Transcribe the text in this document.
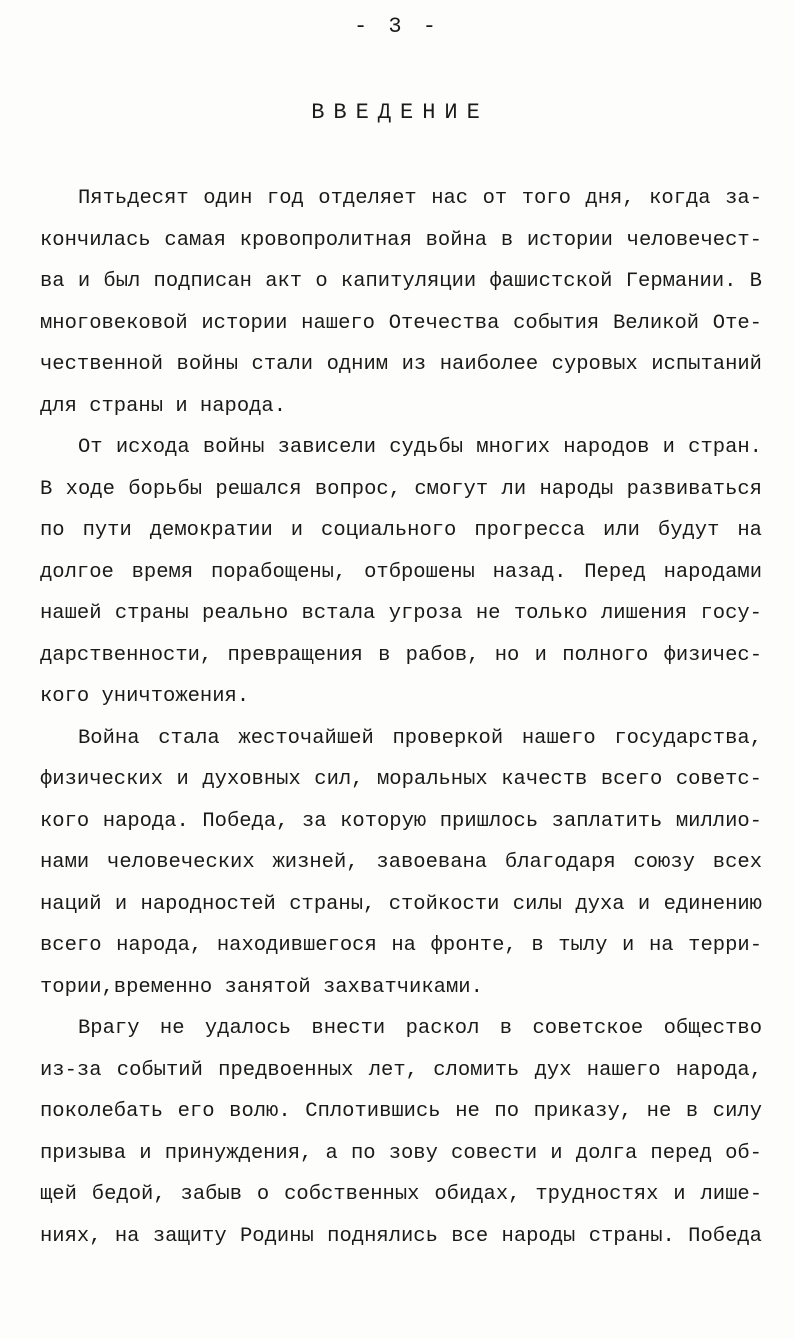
- 3 -
ВВЕДЕНИЕ
Пятьдесят один год отделяет нас от того дня, когда за-
кончилась самая кровопролитная война в истории человечест-
ва и был подписан акт о капитуляции фашистской Германии. В
многовековой истории нашего Отечества события Великой Оте-
чественной войны стали одним из наиболее суровых испытаний
для страны и народа.
От исхода войны зависели судьбы многих народов и стран.
В ходе борьбы решался вопрос, смогут ли народы развиваться
по пути демократии и социального прогресса или будут на
долгое время порабощены, отброшены назад. Перед народами
нашей страны реально встала угроза не только лишения госу-
дарственности, превращения в рабов, но и полного физичес-
кого уничтожения.
Война стала жесточайшей проверкой нашего государства,
физических и духовных сил, моральных качеств всего советс-
кого народа. Победа, за которую пришлось заплатить миллио-
нами человеческих жизней, завоевана благодаря союзу всех
наций и народностей страны, стойкости силы духа и единению
всего народа, находившегося на фронте, в тылу и на терри-
тории,временно занятой захватчиками.
Врагу не удалось внести раскол в советское общество
из-за событий предвоенных лет, сломить дух нашего народа,
поколебать его волю. Сплотившись не по приказу, не в силу
призыва и принуждения, а по зову совести и долга перед об-
щей бедой, забыв о собственных обидах, трудностях и лише-
ниях, на защиту Родины поднялись все народы страны. Победа
